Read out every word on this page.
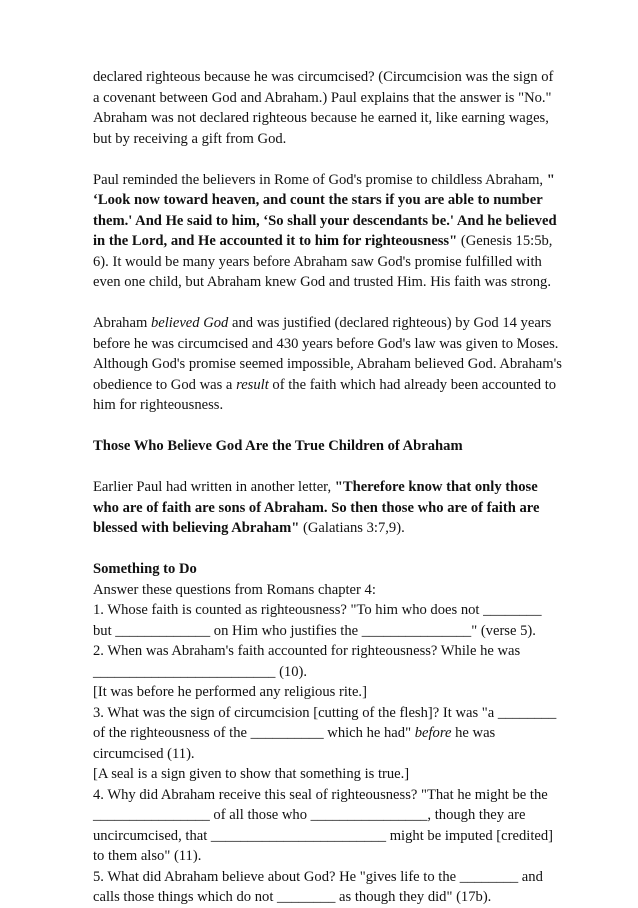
declared righteous because he was circumcised? (Circumcision was the sign of a covenant between God and Abraham.) Paul explains that the answer is "No." Abraham was not declared righteous because he earned it, like earning wages, but by receiving a gift from God.

Paul reminded the believers in Rome of God's promise to childless Abraham, " ‘Look now toward heaven, and count the stars if you are able to number them.' And He said to him, ‘So shall your descendants be.' And he believed in the Lord, and He accounted it to him for righteousness" (Genesis 15:5b, 6). It would be many years before Abraham saw God's promise fulfilled with even one child, but Abraham knew God and trusted Him. His faith was strong.

Abraham believed God and was justified (declared righteous) by God 14 years before he was circumcised and 430 years before God's law was given to Moses. Although God's promise seemed impossible, Abraham believed God. Abraham's obedience to God was a result of the faith which had already been accounted to him for righteousness.

Those Who Believe God Are the True Children of Abraham

Earlier Paul had written in another letter, "Therefore know that only those who are of faith are sons of Abraham. So then those who are of faith are blessed with believing Abraham" (Galatians 3:7,9).

Something to Do

Answer these questions from Romans chapter 4:

1. Whose faith is counted as righteousness? "To him who does not ________ but _____________ on Him who justifies the _______________" (verse 5).

2. When was Abraham's faith accounted for righteousness? While he was _________________________ (10).

[It was before he performed any religious rite.]

3. What was the sign of circumcision [cutting of the flesh]? It was "a ________ of the righteousness of the __________ which he had" before he was circumcised (11).

[A seal is a sign given to show that something is true.]

4. Why did Abraham receive this seal of righteousness? "That he might be the ________________ of all those who ________________, though they are uncircumcised, that ________________________ might be imputed [credited] to them also" (11).

5. What did Abraham believe about God? He "gives life to the ________ and calls those things which do not ________ as though they did" (17b).
